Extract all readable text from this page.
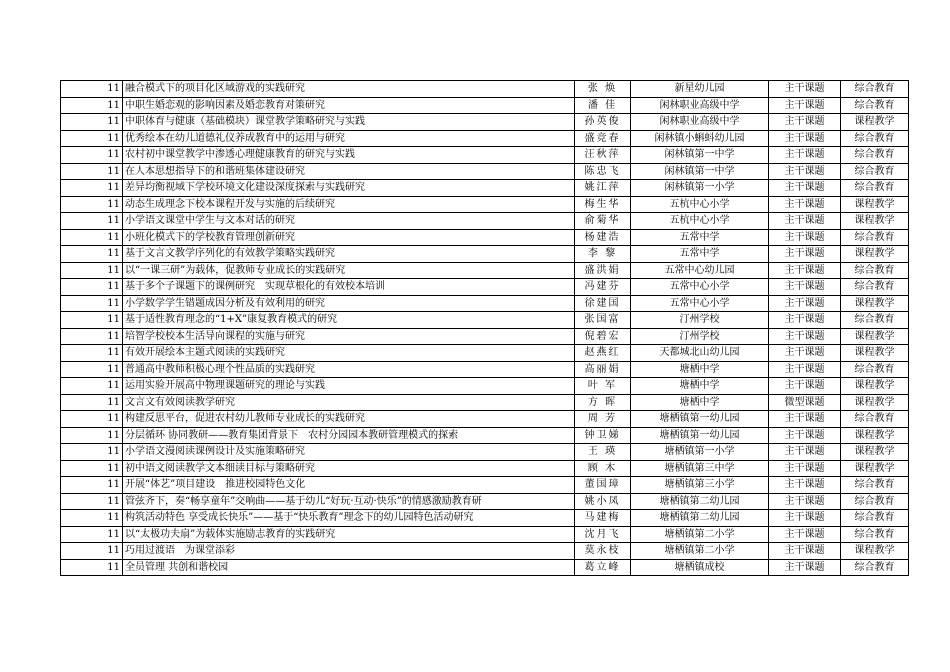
11	融合模式下的项目化区域游戏的实践研究	张 焕	新星幼儿园	主干课题	综合教育
11	中职生婚恋观的影响因素及婚恋教育对策研究	潘 佳	闲林职业高级中学	主干课题	综合教育
11	中职体育与健康（基础模块）课堂教学策略研究与实践	孙英俊	闲林职业高级中学	主干课题	课程教学
11	优秀绘本在幼儿道德礼仪养成教育中的运用与研究	盛竞春	闲林镇小蝌蚪幼儿园	主干课题	综合教育
11	农村初中课堂教学中渗透心理健康教育的研究与实践	汪秋萍	闲林镇第一中学	主干课题	综合教育
11	在人本思想指导下的和谐班集体建设研究	陈忠飞	闲林镇第一中学	主干课题	综合教育
11	差异均衡视域下学校环境文化建设深度探索与实践研究	姚江萍	闲林镇第一小学	主干课题	综合教育
11	动态生成理念下校本课程开发与实施的后续研究	梅生华	五杭中心小学	主干课题	课程教学
11	小学语文课堂中学生与文本对话的研究	俞菊华	五杭中心小学	主干课题	课程教学
11	小班化模式下的学校教育管理创新研究	杨建浩	五常中学	主干课题	综合教育
11	基于文言文教学序列化的有效教学策略实践研究	李 黎	五常中学	主干课题	课程教学
11	以“一课三研”为载体，促教师专业成长的实践研究	盛洪娟	五常中心幼儿园	主干课题	综合教育
11	基于多个子课题下的课例研究　实现草根化的有效校本培训	冯建芬	五常中心小学	主干课题	综合教育
11	小学数学学生错题成因分析及有效利用的研究	徐建国	五常中心小学	主干课题	课程教学
11	基于适性教育理念的“1+X”康复教育模式的研究	张国富	汀州学校	主干课题	综合教育
11	培智学校校本生活导向课程的实施与研究	倪碧宏	汀州学校	主干课题	课程教学
11	有效开展绘本主题式阅读的实践研究	赵燕红	天都城北山幼儿园	主干课题	课程教学
11	普通高中教师积极心理个性品质的实践研究	高丽娟	塘栖中学	主干课题	综合教育
11	运用实验开展高中物理课题研究的理论与实践	叶 军	塘栖中学	主干课题	课程教学
11	文言文有效阅读教学研究	方 晖	塘栖中学	微型课题	课程教学
11	构建反思平台，促进农村幼儿教师专业成长的实践研究	周 芳	塘栖镇第一幼儿园	主干课题	综合教育
11	分层循环 协同教研——教育集团背景下　农村分园园本教研管理模式的探索	钟卫娣	塘栖镇第一幼儿园	主干课题	课程教学
11	小学语文漫阅读课例设计及实施策略研究	王 瑛	塘栖镇第一小学	主干课题	课程教学
11	初中语文阅读教学文本细读目标与策略研究	顾 木	塘栖镇第三中学	主干课题	课程教学
11	开展“体艺”项目建设　推进校园特色文化	董国璋	塘栖镇第三小学	主干课题	综合教育
11	管弦齐下，奏“畅享童年”交响曲——基于幼儿“好玩·互动·快乐”的情感激励教育研	姚小凤	塘栖镇第二幼儿园	主干课题	综合教育
11	构筑活动特色 享受成长快乐”——基于“快乐教育”理念下的幼儿园特色活动研究	马建梅	塘栖镇第二幼儿园	主干课题	综合教育
11	以“太极功夫扇”为载体实施励志教育的实践研究	沈月飞	塘栖镇第二小学	主干课题	综合教育
11	巧用过渡语　为课堂添彩	莫永枝	塘栖镇第二小学	主干课题	课程教学
11	全员管理 共创和谐校园	葛立峰	塘栖镇成校	主干课题	综合教育
